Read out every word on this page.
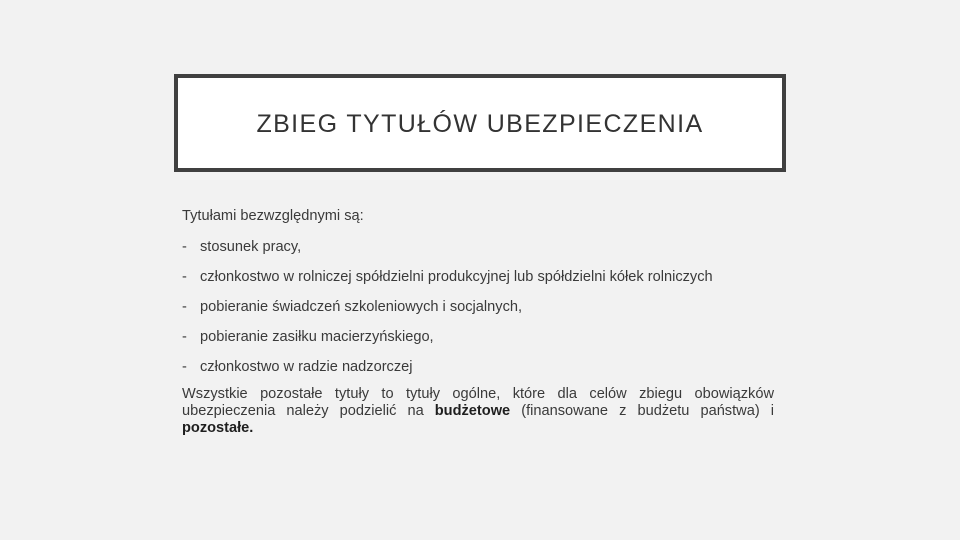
ZBIEG TYTUŁÓW UBEZPIECZENIA

Tytułami bezwzględnymi są:

- stosunek pracy,
- członkostwo w rolniczej spółdzielni produkcyjnej lub spółdzielni kółek rolniczych
- pobieranie świadczeń szkoleniowych i socjalnych,
- pobieranie zasiłku macierzyńskiego,
- członkostwo w radzie nadzorczej

Wszystkie pozostałe tytuły to tytuły ogólne, które dla celów zbiegu obowiązków ubezpieczenia należy podzielić na budżetowe (finansowane z budżetu państwa) i pozostałe.
